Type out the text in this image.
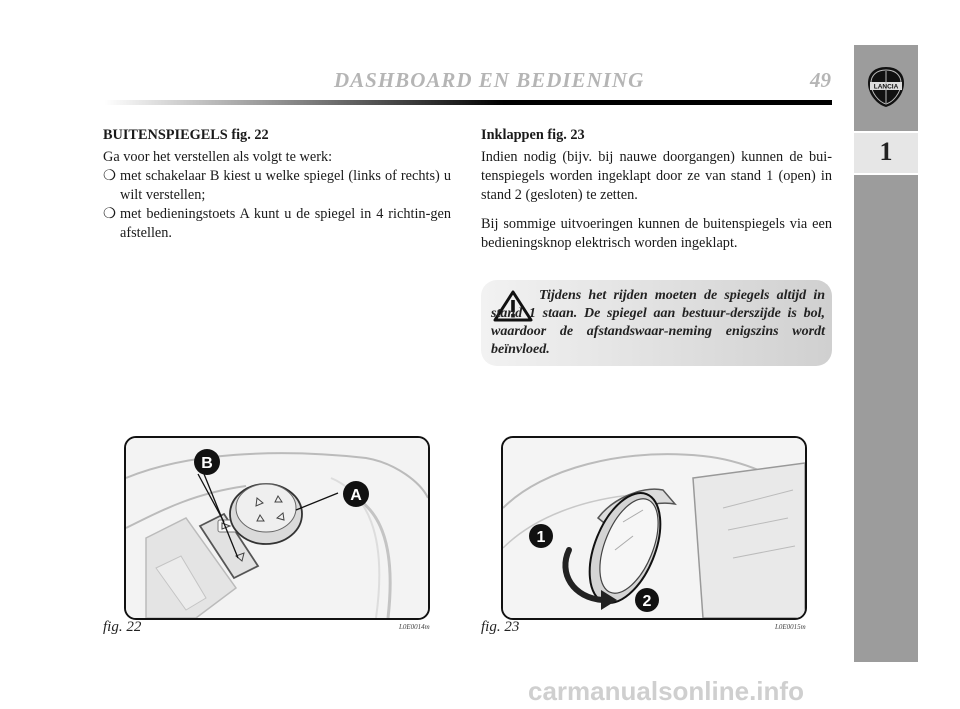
DASHBOARD EN BEDIENING	49	LANCIA
1

BUITENSPIEGELS fig. 22

Ga voor het verstellen als volgt te werk:

❍ met schakelaar B kiest u welke spiegel (links of rechts) u wilt verstellen;
❍ met bedieningstoets A kunt u de spiegel in 4 richtin-gen afstellen.

Inklappen fig. 23

Indien nodig (bijv. bij nauwe doorgangen) kunnen de bui-tenspiegels worden ingeklapt door ze van stand 1 (open) in stand 2 (gesloten) te zetten.

Bij sommige uitvoeringen kunnen de buitenspiegels via een bedieningsknop elektrisch worden ingeklapt.

Tijdens het rijden moeten de spiegels altijd in stand 1 staan. De spiegel aan bestuur-derszijde is bol, waardoor de afstandswaar-neming enigszins wordt beïnvloed.
B
A
1
2
fig. 22	L0E0014m	fig. 23	L0E0015m
carmanualsonline.info
